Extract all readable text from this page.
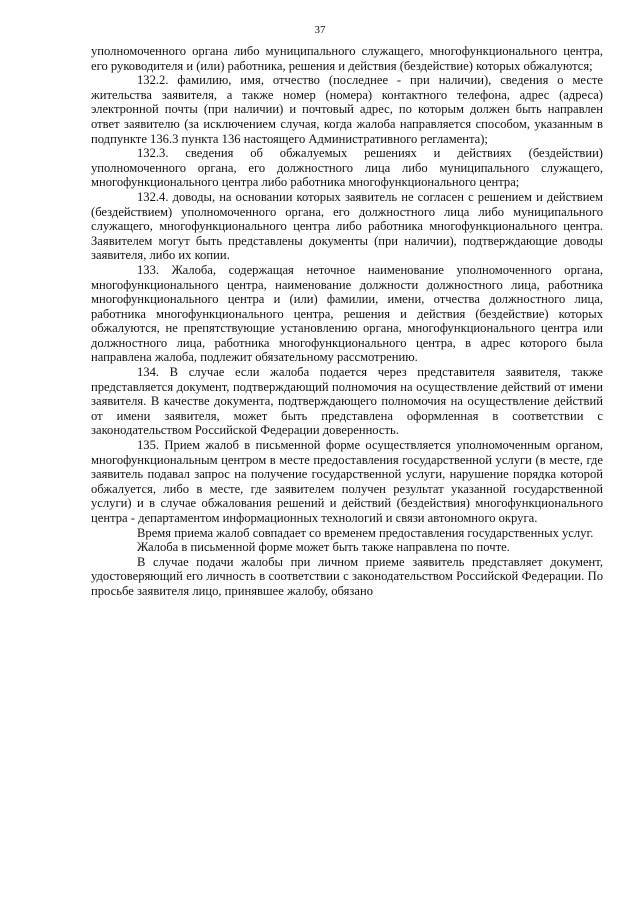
37

уполномоченного органа либо муниципального служащего, многофункционального центра, его руководителя и (или) работника, решения и действия (бездействие) которых обжалуются;

132.2. фамилию, имя, отчество (последнее - при наличии), сведения о месте жительства заявителя, а также номер (номера) контактного телефона, адрес (адреса) электронной почты (при наличии) и почтовый адрес, по которым должен быть направлен ответ заявителю (за исключением случая, когда жалоба направляется способом, указанным в подпункте 136.3 пункта 136 настоящего Административного регламента);

132.3. сведения об обжалуемых решениях и действиях (бездействии) уполномоченного органа, его должностного лица либо муниципального служащего, многофункционального центра либо работника многофункционального центра;

132.4. доводы, на основании которых заявитель не согласен с решением и действием (бездействием) уполномоченного органа, его должностного лица либо муниципального служащего, многофункционального центра либо работника многофункционального центра. Заявителем могут быть представлены документы (при наличии), подтверждающие доводы заявителя, либо их копии.

133. Жалоба, содержащая неточное наименование уполномоченного органа, многофункционального центра, наименование должности должностного лица, работника многофункционального центра и (или) фамилии, имени, отчества должностного лица, работника многофункционального центра, решения и действия (бездействие) которых обжалуются, не препятствующие установлению органа, многофункционального центра или должностного лица, работника многофункционального центра, в адрес которого была направлена жалоба, подлежит обязательному рассмотрению.

134. В случае если жалоба подается через представителя заявителя, также представляется документ, подтверждающий полномочия на осуществление действий от имени заявителя. В качестве документа, подтверждающего полномочия на осуществление действий от имени заявителя, может быть представлена оформленная в соответствии с законодательством Российской Федерации доверенность.

135. Прием жалоб в письменной форме осуществляется уполномоченным органом, многофункциональным центром в месте предоставления государственной услуги (в месте, где заявитель подавал запрос на получение государственной услуги, нарушение порядка которой обжалуется, либо в месте, где заявителем получен результат указанной государственной услуги) и в случае обжалования решений и действий (бездействия) многофункционального центра - департаментом информационных технологий и связи автономного округа.

Время приема жалоб совпадает со временем предоставления государственных услуг.

Жалоба в письменной форме может быть также направлена по почте.

В случае подачи жалобы при личном приеме заявитель представляет документ, удостоверяющий его личность в соответствии с законодательством Российской Федерации. По просьбе заявителя лицо, принявшее жалобу, обязано
